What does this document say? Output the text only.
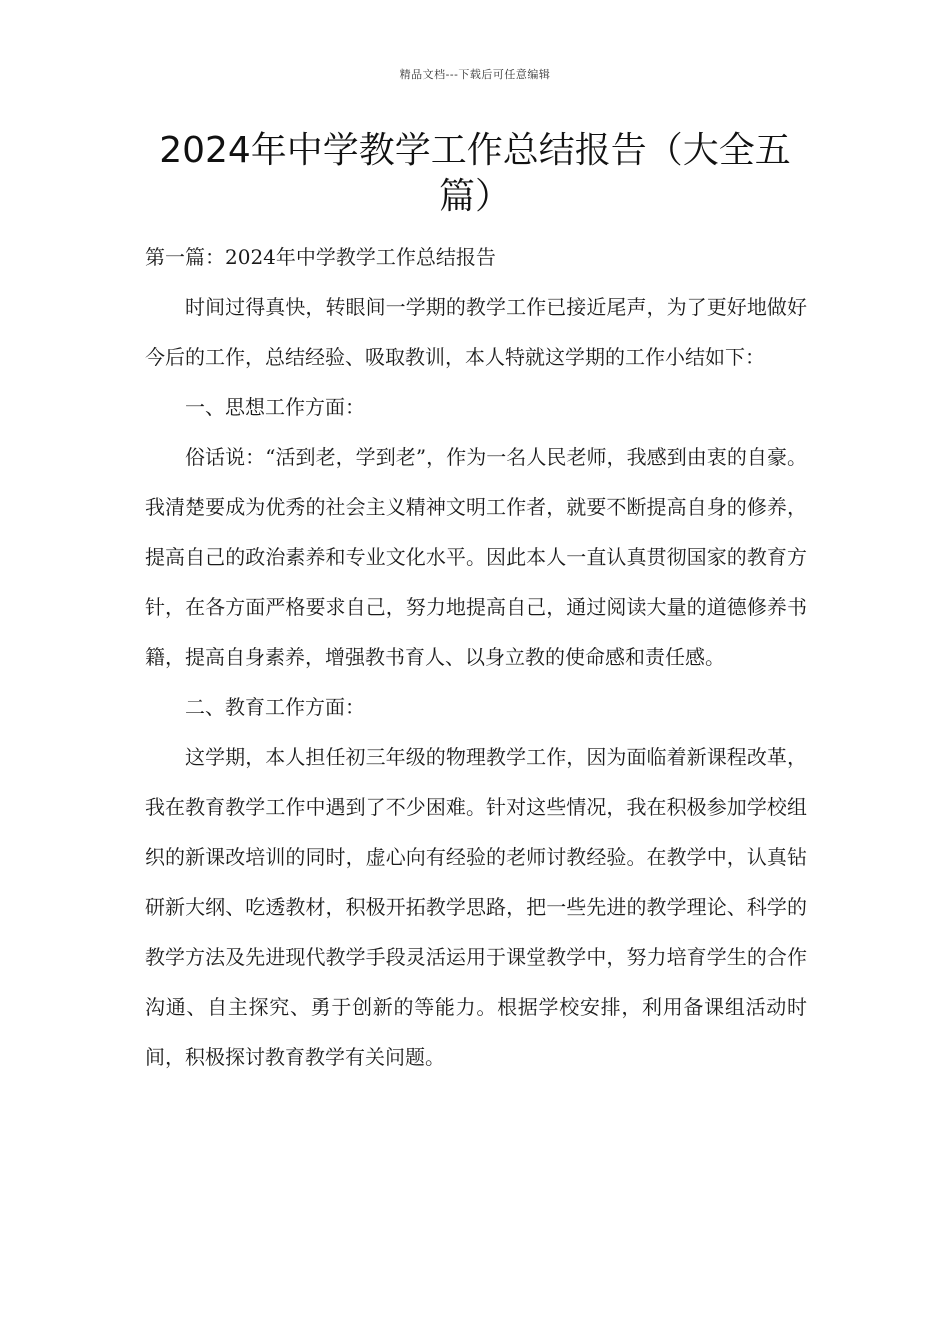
精品文档---下载后可任意编辑
2024年中学教学工作总结报告（大全五篇）

第一篇：2024年中学教学工作总结报告

时间过得真快，转眼间一学期的教学工作已接近尾声，为了更好地做好今后的工作，总结经验、吸取教训，本人特就这学期的工作小结如下：

一、思想工作方面：

俗话说：“活到老，学到老”，作为一名人民老师，我感到由衷的自豪。我清楚要成为优秀的社会主义精神文明工作者，就要不断提高自身的修养，提高自己的政治素养和专业文化水平。因此本人一直认真贯彻国家的教育方针，在各方面严格要求自己，努力地提高自己，通过阅读大量的道德修养书籍，提高自身素养，增强教书育人、以身立教的使命感和责任感。

二、教育工作方面：

这学期，本人担任初三年级的物理教学工作，因为面临着新课程改革，我在教育教学工作中遇到了不少困难。针对这些情况，我在积极参加学校组织的新课改培训的同时，虚心向有经验的老师讨教经验。在教学中，认真钻研新大纲、吃透教材，积极开拓教学思路，把一些先进的教学理论、科学的教学方法及先进现代教学手段灵活运用于课堂教学中，努力培育学生的合作沟通、自主探究、勇于创新的等能力。根据学校安排，利用备课组活动时间，积极探讨教育教学有关问题。
